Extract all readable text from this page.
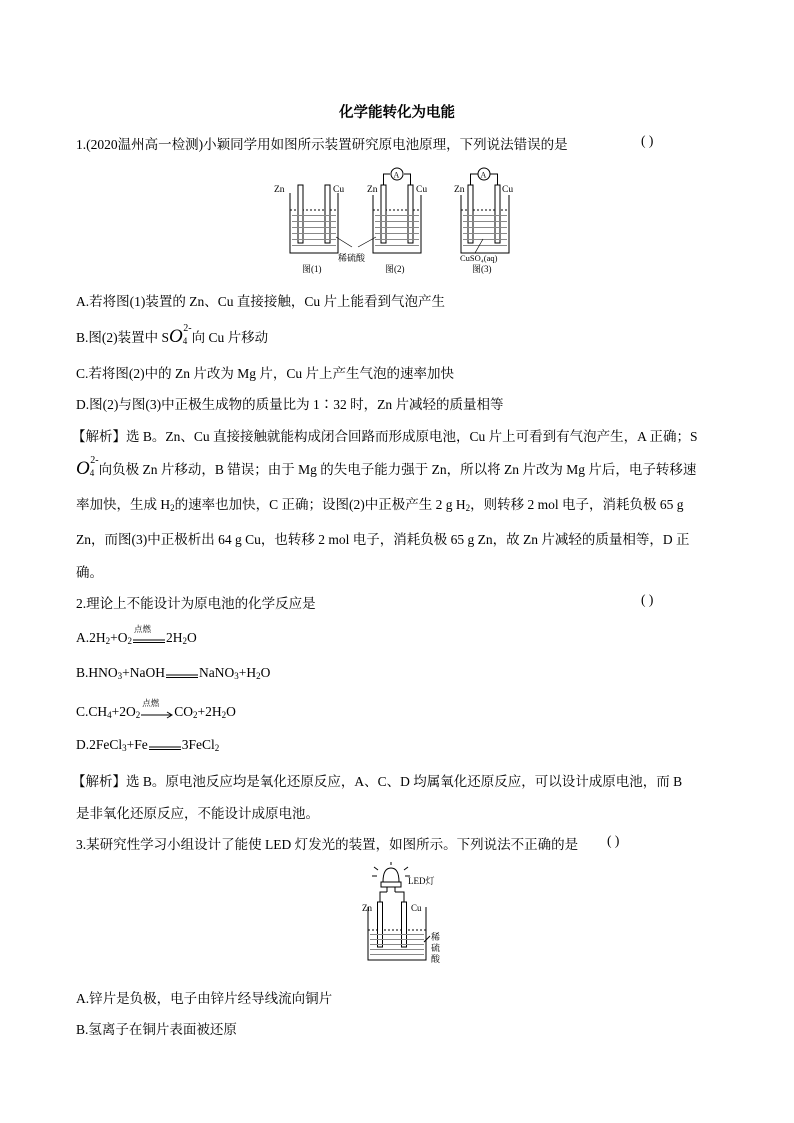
化学能转化为电能
1.(2020温州高一检测)小颖同学用如图所示装置研究原电池原理，下列说法错误的是	( )
Zn	Cu Zn	Cu	Zn	Cu
A	A
稀硫酸	CuSO₄(aq)
图(1)	图(2)	图(3)
A.若将图(1)装置的 Zn、Cu 直接接触，Cu 片上能看到气泡产生
B.图(2)装置中 $SO_4^{2-}$向 Cu 片移动
C.若将图(2)中的 Zn 片改为 Mg 片，Cu 片上产生气泡的速率加快
D.图(2)与图(3)中正极生成物的质量比为 1∶32 时，Zn 片减轻的质量相等
【解析】选 B。Zn、Cu 直接接触就能构成闭合回路而形成原电池，Cu 片上可看到有气泡产生，A 正确；S
$O_4^{2-}$向负极 Zn 片移动，B 错误；由于 Mg 的失电子能力强于 Zn，所以将 Zn 片改为 Mg 片后，电子转移速
率加快，生成 $H_2$的速率也加快，C 正确；设图(2)中正极产生 2 g $H_2$，则转移 2 mol 电子，消耗负极 65 g
Zn，而图(3)中正极析出 64 g Cu，也转移 2 mol 电子，消耗负极 65 g Zn，故 Zn 片减轻的质量相等，D 正
确。
2.理论上不能设计为原电池的化学反应是	( )
$A.2H_2+O_2$
点燃
$2H_2O$
$B.HNO_3+NaOH$	$NaNO_3+H_2O$
$C.CH_4+2O_2$
点燃
$CO_2+2H_2O$
D.2FeCl$_3$+Fe	3FeCl$_2$
【解析】选 B。原电池反应均是氧化还原反应，A、C、D 均属氧化还原反应，可以设计成原电池，而 B
是非氧化还原反应，不能设计成原电池。
3.某研究性学习小组设计了能使 LED 灯发光的装置，如图所示。下列说法不正确的是 ( )
LED灯
Zn	Cu
稀
硫
酸
A.锌片是负极，电子由锌片经导线流向铜片
B.氢离子在铜片表面被还原
